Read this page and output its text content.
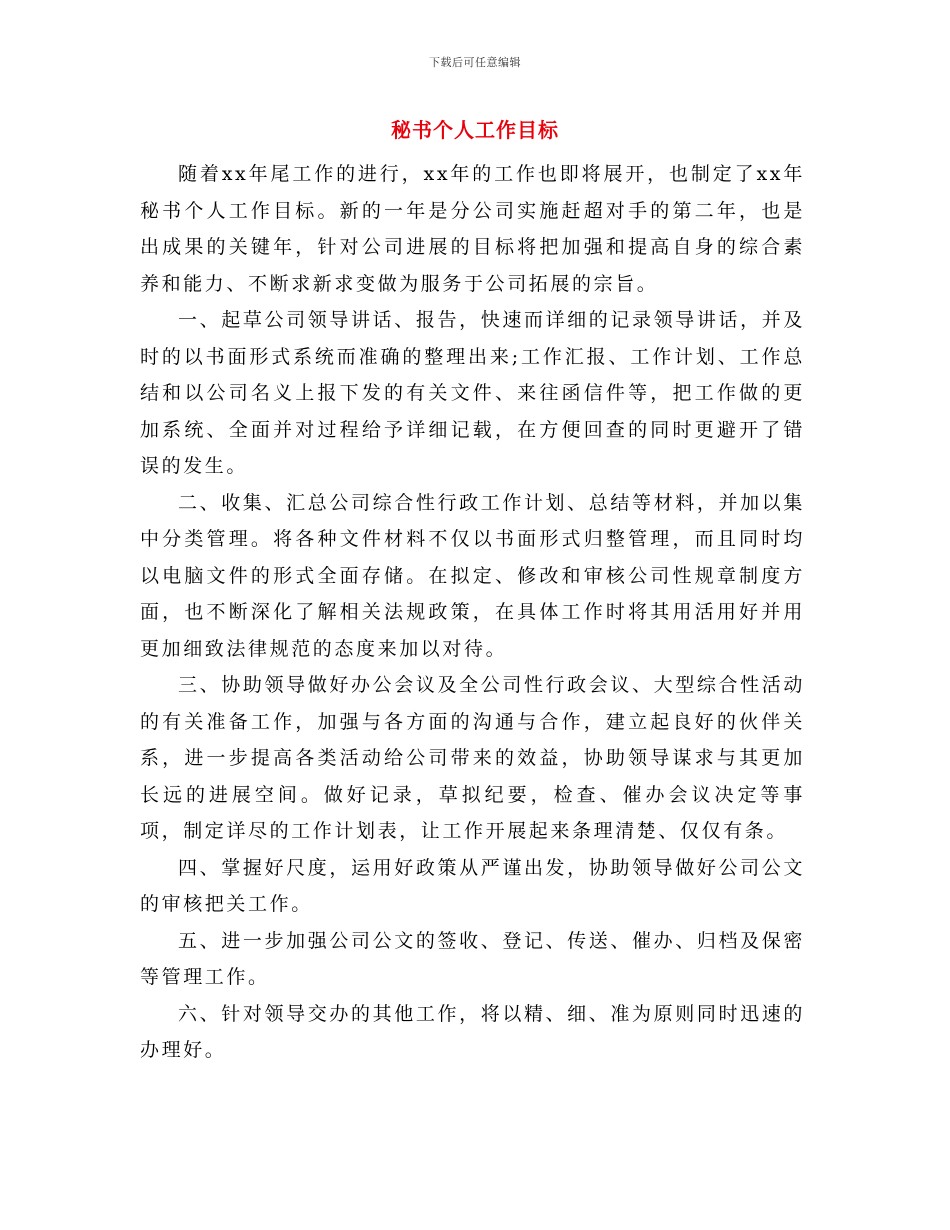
下载后可任意编辑
秘书个人工作目标

随着xx年尾工作的进行，xx年的工作也即将展开，也制定了xx年秘书个人工作目标。新的一年是分公司实施赶超对手的第二年，也是出成果的关键年，针对公司进展的目标将把加强和提高自身的综合素养和能力、不断求新求变做为服务于公司拓展的宗旨。

一、起草公司领导讲话、报告，快速而详细的记录领导讲话，并及时的以书面形式系统而准确的整理出来;工作汇报、工作计划、工作总结和以公司名义上报下发的有关文件、来往函信件等，把工作做的更加系统、全面并对过程给予详细记载，在方便回查的同时更避开了错误的发生。

二、收集、汇总公司综合性行政工作计划、总结等材料，并加以集中分类管理。将各种文件材料不仅以书面形式归整管理，而且同时均以电脑文件的形式全面存储。在拟定、修改和审核公司性规章制度方面，也不断深化了解相关法规政策，在具体工作时将其用活用好并用更加细致法律规范的态度来加以对待。

三、协助领导做好办公会议及全公司性行政会议、大型综合性活动的有关准备工作，加强与各方面的沟通与合作，建立起良好的伙伴关系，进一步提高各类活动给公司带来的效益，协助领导谋求与其更加长远的进展空间。做好记录，草拟纪要，检查、催办会议决定等事项，制定详尽的工作计划表，让工作开展起来条理清楚、仅仅有条。

四、掌握好尺度，运用好政策从严谨出发，协助领导做好公司公文的审核把关工作。

五、进一步加强公司公文的签收、登记、传送、催办、归档及保密等管理工作。

六、针对领导交办的其他工作，将以精、细、准为原则同时迅速的办理好。
